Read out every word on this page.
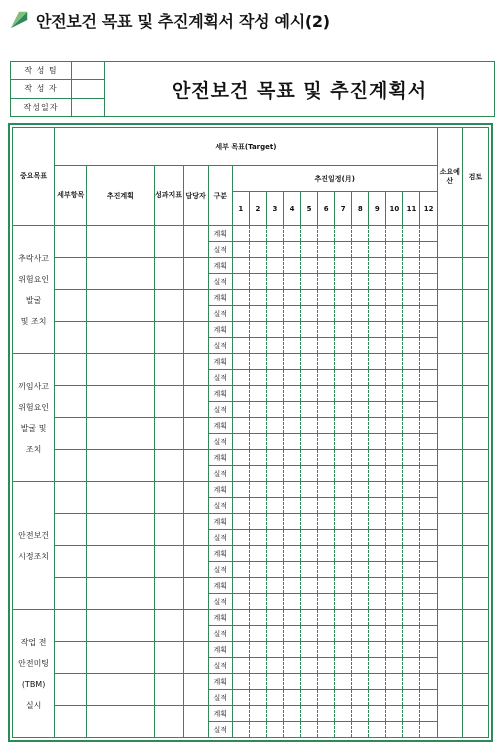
안전보건 목표 및 추진계획서 작성 예시(2)
작 성 팀		안전보건 목표 및 추진계획서
작 성 자		
작성일자		
중요목표	세부 목표(Target)																	소요예산	검토
	세부항목	추진계획	성과지표	담당자	구분	추진일정(月)													
						1	2	3	4	5	6	7	8	9	10	11	12		

추락사고
위험요인
발굴
및 조치					계획														
					실적														
					계획														
					실적														
					계획														
					실적														
					계획														
					실적														

끼임사고
위험요인
발굴 및
조치					계획														
					실적														
					계획														
					실적														
					계획														
					실적														
					계획														
					실적														

안전보건
시정조치					계획														
					실적														
					계획														
					실적														
					계획														
					실적														
					계획														
					실적														

작업 전
안전미팅
(TBM)
실시					계획														
					실적														
					계획														
					실적														
					계획														
					실적														
					계획														
					실적														
